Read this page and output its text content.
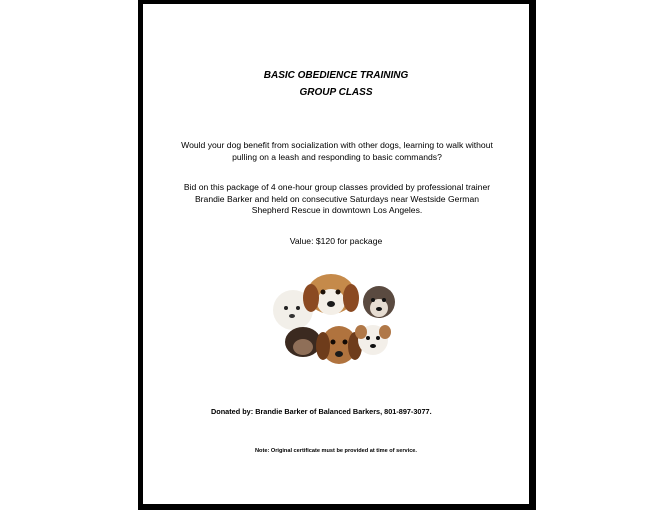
BASIC OBEDIENCE TRAINING
GROUP CLASS
Would your dog benefit from socialization with other dogs, learning to walk without pulling on a leash and responding to basic commands?
Bid on this package of 4 one-hour group classes provided by professional trainer Brandie Barker and held on consecutive Saturdays near Westside German Shepherd Rescue in downtown Los Angeles.
Value: $120 for package
Donated by: Brandie Barker of Balanced Barkers, 801-897-3077.
Note: Original certificate must be provided at time of service.
